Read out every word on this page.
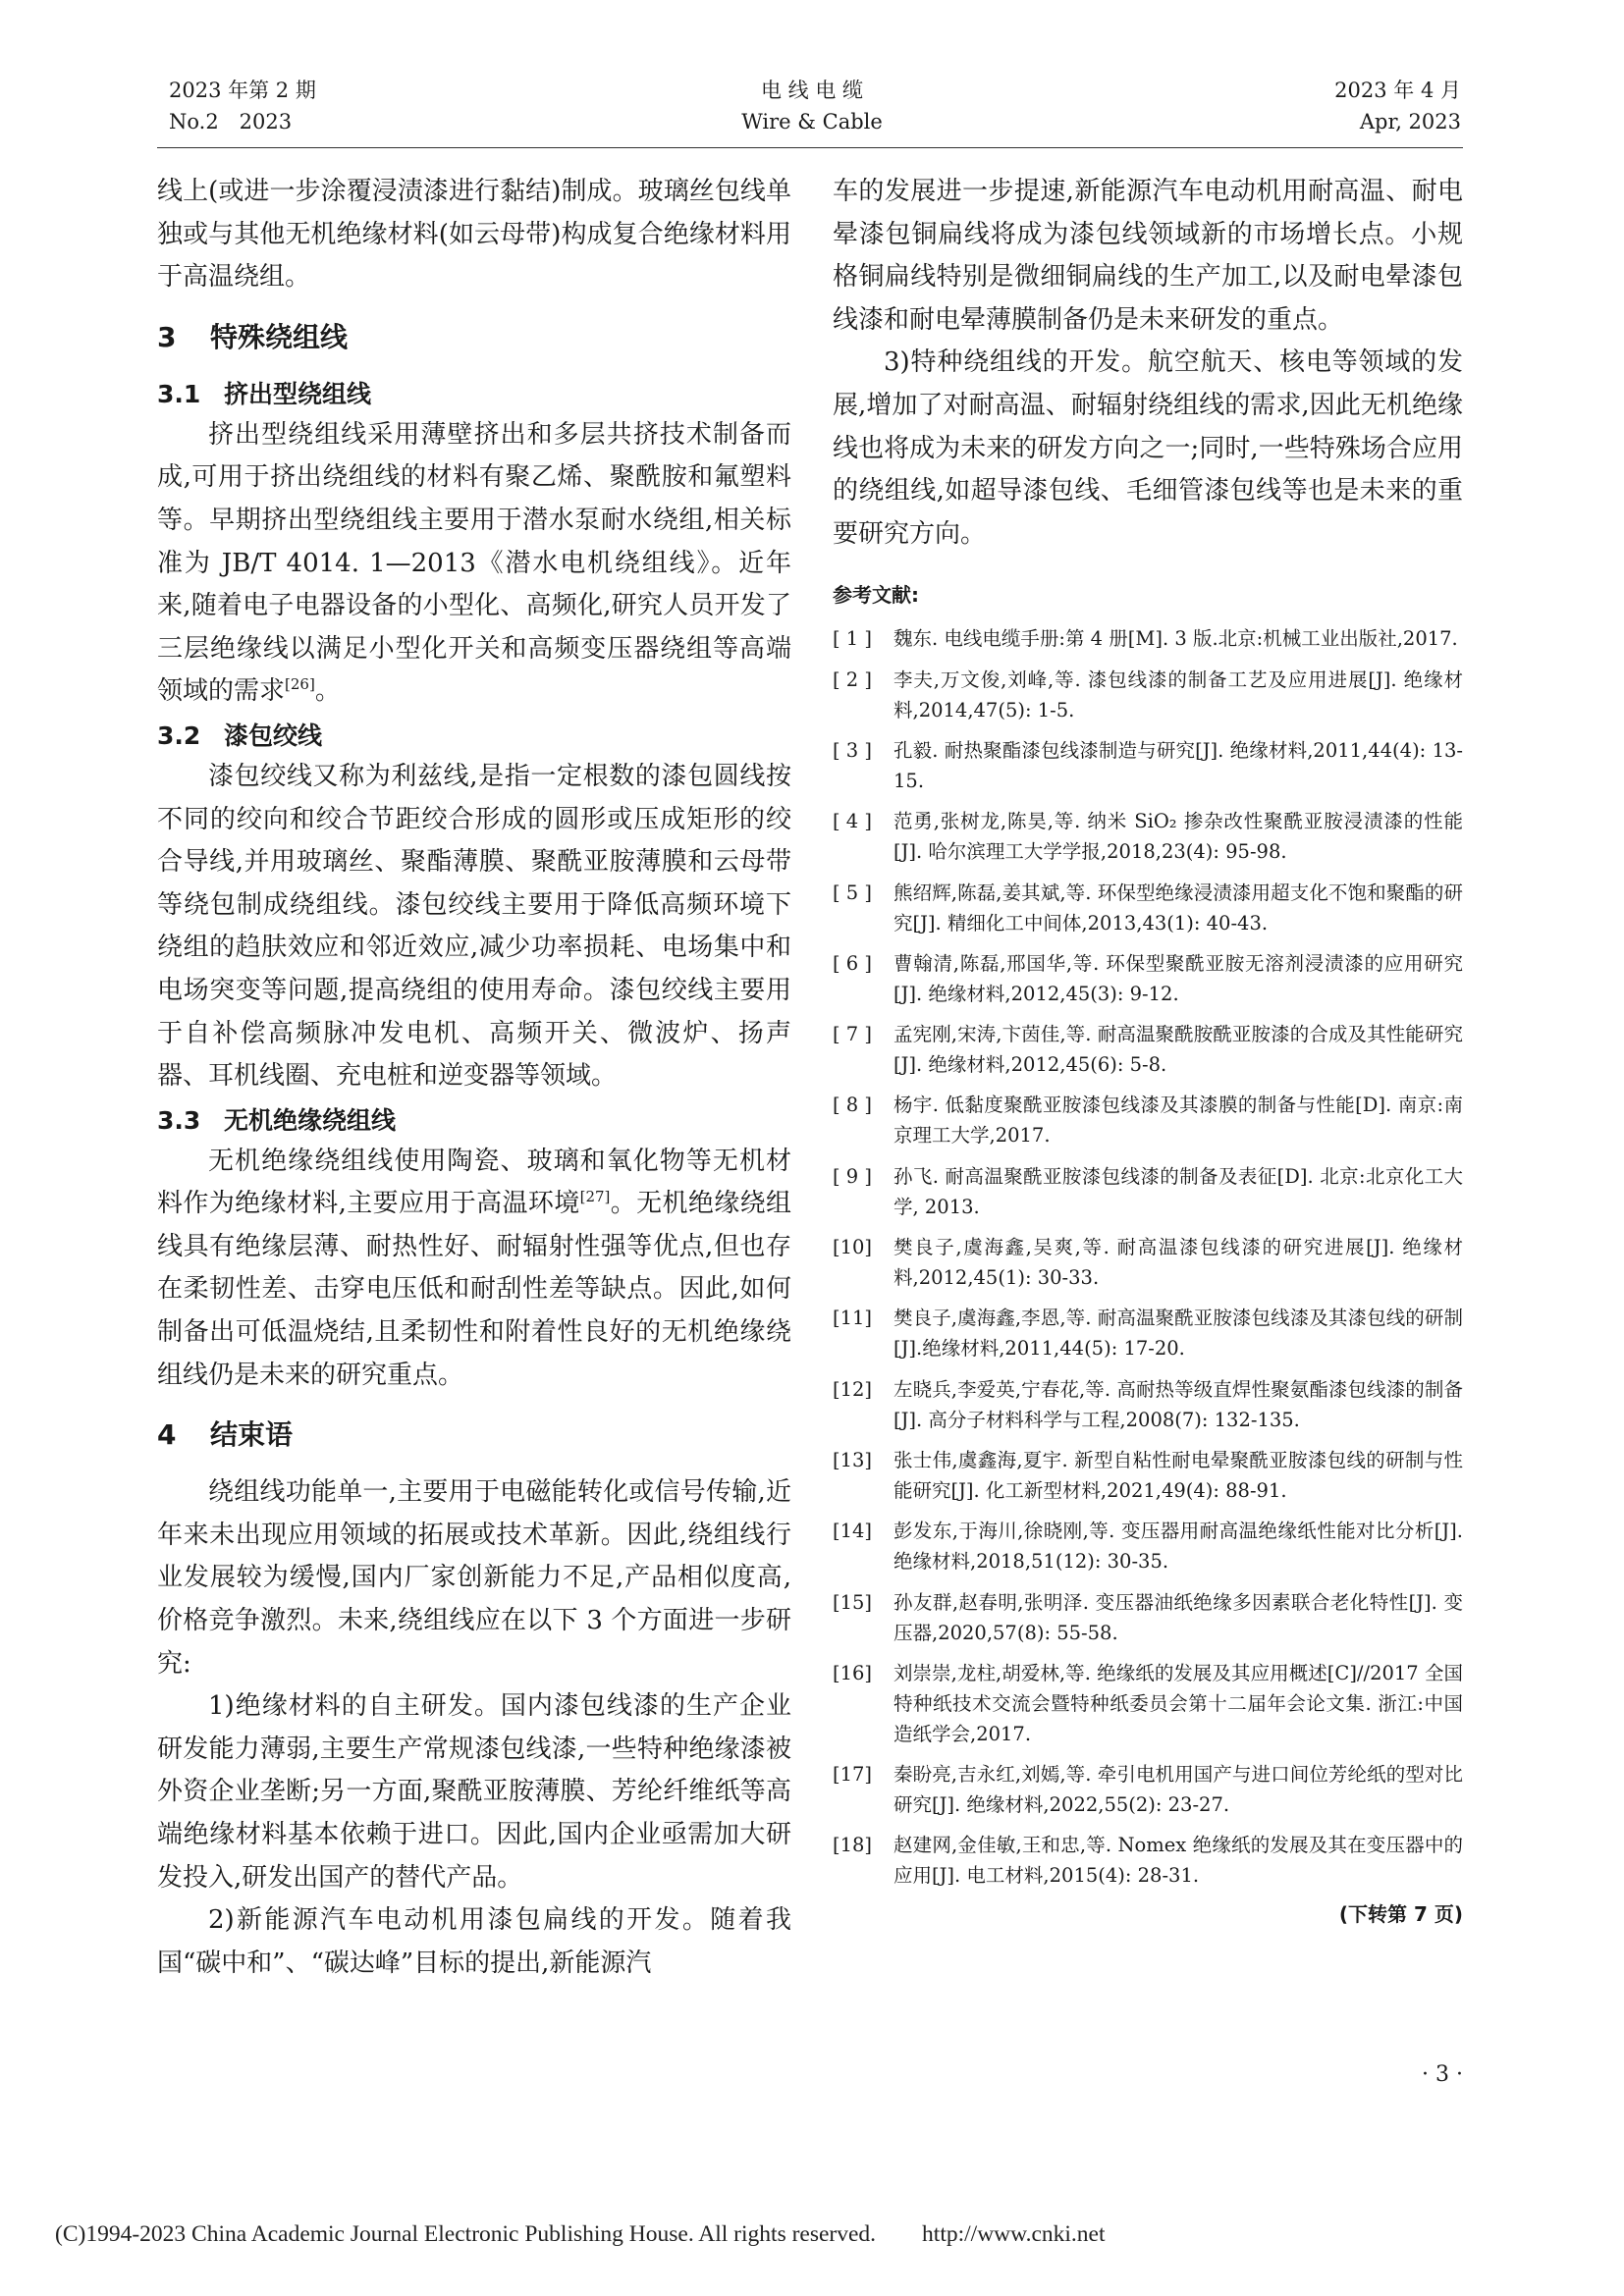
2023 年第 2 期
No.2　2023
电 线 电 缆
Wire & Cable
2023 年 4 月
Apr, 2023

线上(或进一步涂覆浸渍漆进行黏结)制成。玻璃丝包线单独或与其他无机绝缘材料(如云母带)构成复合绝缘材料用于高温绕组。

3 特殊绕组线
3.1 挤出型绕组线

挤出型绕组线采用薄壁挤出和多层共挤技术制备而成,可用于挤出绕组线的材料有聚乙烯、聚酰胺和氟塑料等。早期挤出型绕组线主要用于潜水泵耐水绕组,相关标准为 JB/T 4014. 1—2013《潜水电机绕组线》。近年来,随着电子电器设备的小型化、高频化,研究人员开发了三层绝缘线以满足小型化开关和高频变压器绕组等高端领域的需求[26]。

3.2 漆包绞线

漆包绞线又称为利兹线,是指一定根数的漆包圆线按不同的绞向和绞合节距绞合形成的圆形或压成矩形的绞合导线,并用玻璃丝、聚酯薄膜、聚酰亚胺薄膜和云母带等绕包制成绕组线。漆包绞线主要用于降低高频环境下绕组的趋肤效应和邻近效应,减少功率损耗、电场集中和电场突变等问题,提高绕组的使用寿命。漆包绞线主要用于自补偿高频脉冲发电机、高频开关、微波炉、扬声器、耳机线圈、充电桩和逆变器等领域。

3.3 无机绝缘绕组线

无机绝缘绕组线使用陶瓷、玻璃和氧化物等无机材料作为绝缘材料,主要应用于高温环境[27]。无机绝缘绕组线具有绝缘层薄、耐热性好、耐辐射性强等优点,但也存在柔韧性差、击穿电压低和耐刮性差等缺点。因此,如何制备出可低温烧结,且柔韧性和附着性良好的无机绝缘绕组线仍是未来的研究重点。

4 结束语

绕组线功能单一,主要用于电磁能转化或信号传输,近年来未出现应用领域的拓展或技术革新。因此,绕组线行业发展较为缓慢,国内厂家创新能力不足,产品相似度高,价格竞争激烈。未来,绕组线应在以下 3 个方面进一步研究:

1)绝缘材料的自主研发。国内漆包线漆的生产企业研发能力薄弱,主要生产常规漆包线漆,一些特种绝缘漆被外资企业垄断;另一方面,聚酰亚胺薄膜、芳纶纤维纸等高端绝缘材料基本依赖于进口。因此,国内企业亟需加大研发投入,研发出国产的替代产品。

2)新能源汽车电动机用漆包扁线的开发。随着我国“碳中和”、“碳达峰”目标的提出,新能源汽

车的发展进一步提速,新能源汽车电动机用耐高温、耐电晕漆包铜扁线将成为漆包线领域新的市场增长点。小规格铜扁线特别是微细铜扁线的生产加工,以及耐电晕漆包线漆和耐电晕薄膜制备仍是未来研发的重点。

3)特种绕组线的开发。航空航天、核电等领域的发展,增加了对耐高温、耐辐射绕组线的需求,因此无机绝缘线也将成为未来的研发方向之一;同时,一些特殊场合应用的绕组线,如超导漆包线、毛细管漆包线等也是未来的重要研究方向。

参考文献:
[ 1 ] 魏东. 电线电缆手册:第 4 册[M]. 3 版.北京:机械工业出版社,2017.
[ 2 ] 李夫,万文俊,刘峰,等. 漆包线漆的制备工艺及应用进展[J]. 绝缘材料,2014,47(5): 1-5.
[ 3 ] 孔毅. 耐热聚酯漆包线漆制造与研究[J]. 绝缘材料,2011,44(4): 13-15.
[ 4 ] 范勇,张树龙,陈昊,等. 纳米 SiO₂ 掺杂改性聚酰亚胺浸渍漆的性能[J]. 哈尔滨理工大学学报,2018,23(4): 95-98.
[ 5 ] 熊绍辉,陈磊,姜其斌,等. 环保型绝缘浸渍漆用超支化不饱和聚酯的研究[J]. 精细化工中间体,2013,43(1): 40-43.
[ 6 ] 曹翰清,陈磊,邢国华,等. 环保型聚酰亚胺无溶剂浸渍漆的应用研究[J]. 绝缘材料,2012,45(3): 9-12.
[ 7 ] 孟宪刚,宋涛,卞茵佳,等. 耐高温聚酰胺酰亚胺漆的合成及其性能研究[J]. 绝缘材料,2012,45(6): 5-8.
[ 8 ] 杨宇. 低黏度聚酰亚胺漆包线漆及其漆膜的制备与性能[D]. 南京:南京理工大学,2017.
[ 9 ] 孙飞. 耐高温聚酰亚胺漆包线漆的制备及表征[D]. 北京:北京化工大学, 2013.
[10] 樊良子,虞海鑫,吴爽,等. 耐高温漆包线漆的研究进展[J]. 绝缘材料,2012,45(1): 30-33.
[11] 樊良子,虞海鑫,李恩,等. 耐高温聚酰亚胺漆包线漆及其漆包线的研制[J].绝缘材料,2011,44(5): 17-20.
[12] 左晓兵,李爱英,宁春花,等. 高耐热等级直焊性聚氨酯漆包线漆的制备[J]. 高分子材料科学与工程,2008(7): 132-135.
[13] 张士伟,虞鑫海,夏宇. 新型自粘性耐电晕聚酰亚胺漆包线的研制与性能研究[J]. 化工新型材料,2021,49(4): 88-91.
[14] 彭发东,于海川,徐晓刚,等. 变压器用耐高温绝缘纸性能对比分析[J]. 绝缘材料,2018,51(12): 30-35.
[15] 孙友群,赵春明,张明泽. 变压器油纸绝缘多因素联合老化特性[J]. 变压器,2020,57(8): 55-58.
[16] 刘崇崇,龙柱,胡爱林,等. 绝缘纸的发展及其应用概述[C]//2017 全国特种纸技术交流会暨特种纸委员会第十二届年会论文集. 浙江:中国造纸学会,2017.
[17] 秦盼亮,吉永红,刘嫣,等. 牵引电机用国产与进口间位芳纶纸的型对比研究[J]. 绝缘材料,2022,55(2): 23-27.
[18] 赵建网,金佳敏,王和忠,等. Nomex 绝缘纸的发展及其在变压器中的应用[J]. 电工材料,2015(4): 28-31.
(下转第 7 页)
· 3 ·
(C)1994-2023 China Academic Journal Electronic Publishing House. All rights reserved.　　http://www.cnki.net
